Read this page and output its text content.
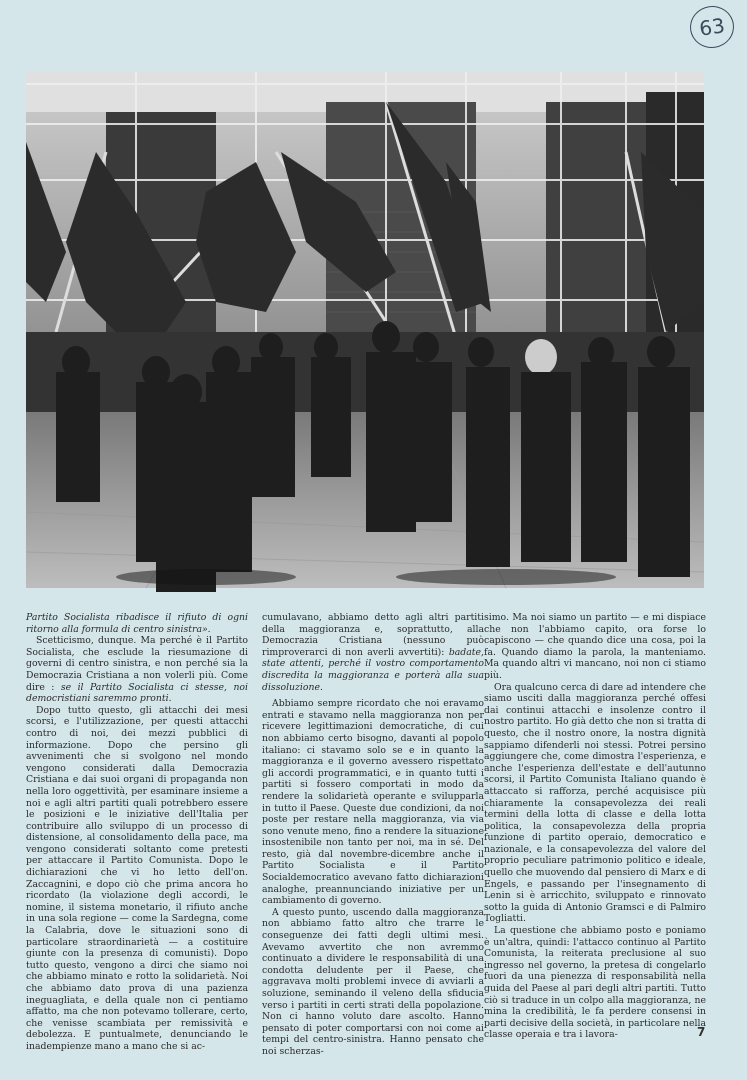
63

Partito Socialista ribadisce il rifiuto di ogni ritorno alla formula di centro sinistra».

Scetticismo, dunque. Ma perché è il Partito Socialista, che esclude la riesumazione di governi di centro sinistra, e non perché sia la Democrazia Cristiana a non volerli più. Come dire : se il Partito Socialista ci stesse, noi democristiani saremmo pronti.

Dopo tutto questo, gli attacchi dei mesi scorsi, e l'utilizzazione, per questi attacchi contro di noi, dei mezzi pubblici di informazione. Dopo che persino gli avvenimenti che si svolgono nel mondo vengono considerati dalla Democrazia Cristiana e dai suoi organi di propaganda non nella loro oggettività, per esaminare insieme a noi e agli altri partiti quali potrebbero essere le posizioni e le iniziative dell'Italia per contribuire allo sviluppo di un processo di distensione, al consolidamento della pace, ma vengono considerati soltanto come pretesti per attaccare il Partito Comunista. Dopo le dichiarazioni che vi ho letto dell'on. Zaccagnini, e dopo ciò che prima ancora ho ricordato (la violazione degli accordi, le nomine, il sistema monetario, il rifiuto anche in una sola regione — come la Sardegna, come la Calabria, dove le situazioni sono di particolare straordinarietà — a costituire giunte con la presenza di comunisti). Dopo tutto questo, vengono a dirci che siamo noi che abbiamo minato e rotto la solidarietà. Noi che abbiamo dato prova di una pazienza ineguagliata, e della quale non ci pentiamo affatto, ma che non potevamo tollerare, certo, che venisse scambiata per remissività e debolezza. E puntualmete, denunciando le inadempienze mano a mano che si ac-

cumulavano, abbiamo detto agli altri partiti della maggioranza e, soprattutto, alla Democrazia Cristiana (nessuno può rimproverarci di non averli avvertiti): badate, state attenti, perché il vostro comportamento discredita la maggioranza e porterà alla sua dissoluzione.

Abbiamo sempre ricordato che noi eravamo entrati e stavamo nella maggioranza non per ricevere legittimazioni democratiche, di cui non abbiamo certo bisogno, davanti al popolo italiano: ci stavamo solo se e in quanto la maggioranza e il governo avessero rispettato gli accordi programmatici, e in quanto tutti i partiti si fossero comportati in modo da rendere la solidarietà operante e svilupparla in tutto il Paese. Queste due condizioni, da noi poste per restare nella maggioranza, via via sono venute meno, fino a rendere la situazione insostenibile non tanto per noi, ma in sé. Del resto, già dal novembre-dicembre anche il Partito Socialista e il Partito Socialdemocratico avevano fatto dichiarazioni analoghe, preannunciando iniziative per un cambiamento di governo.

A questo punto, uscendo dalla maggioranza non abbiamo fatto altro che trarre le conseguenze dei fatti degli ultimi mesi. Avevamo avvertito che non avremmo continuato a dividere le responsabilità di una condotta deludente per il Paese, che aggravava molti problemi invece di avviarli a soluzione, seminando il veleno della sfiducia verso i partiti in certi strati della popolazione. Non ci hanno voluto dare ascolto. Hanno pensato di poter comportarsi con noi come ai tempi del centro-sinistra. Hanno pensato che noi scherzas-

simo. Ma noi siamo un partito — e mi dispiace che non l'abbiamo capito, ora forse lo capiscono — che quando dice una cosa, poi la fa. Quando diamo la parola, la manteniamo. Ma quando altri vi mancano, noi non ci stiamo più.

Ora qualcuno cerca di dare ad intendere che siamo usciti dalla maggioranza perché offesi dai continui attacchi e insolenze contro il nostro partito. Ho già detto che non si tratta di questo, che il nostro onore, la nostra dignità sappiamo difenderli noi stessi. Potrei persino aggiungere che, come dimostra l'esperienza, e anche l'esperienza dell'estate e dell'autunno scorsi, il Partito Comunista Italiano quando è attaccato si rafforza, perché acquisisce più chiaramente la consapevolezza dei reali termini della lotta di classe e della lotta politica, la consapevolezza della propria funzione di partito operaio, democratico e nazionale, e la consapevolezza del valore del proprio peculiare patrimonio politico e ideale, quello che muovendo dal pensiero di Marx e di Engels, e passando per l'insegnamento di Lenin si è arricchito, sviluppato e rinnovato sotto la guida di Antonio Gramsci e di Palmiro Togliatti.

La questione che abbiamo posto e poniamo è un'altra, quindi: l'attacco continuo al Partito Comunista, la reiterata preclusione al suo ingresso nel governo, la pretesa di congelarlo fuori da una pienezza di responsabilità nella guida del Paese al pari degli altri partiti. Tutto ciò si traduce in un colpo alla maggioranza, ne mina la credibilità, le fa perdere consensi in parti decisive della società, in particolare nella classe operaia e tra i lavora-	7
